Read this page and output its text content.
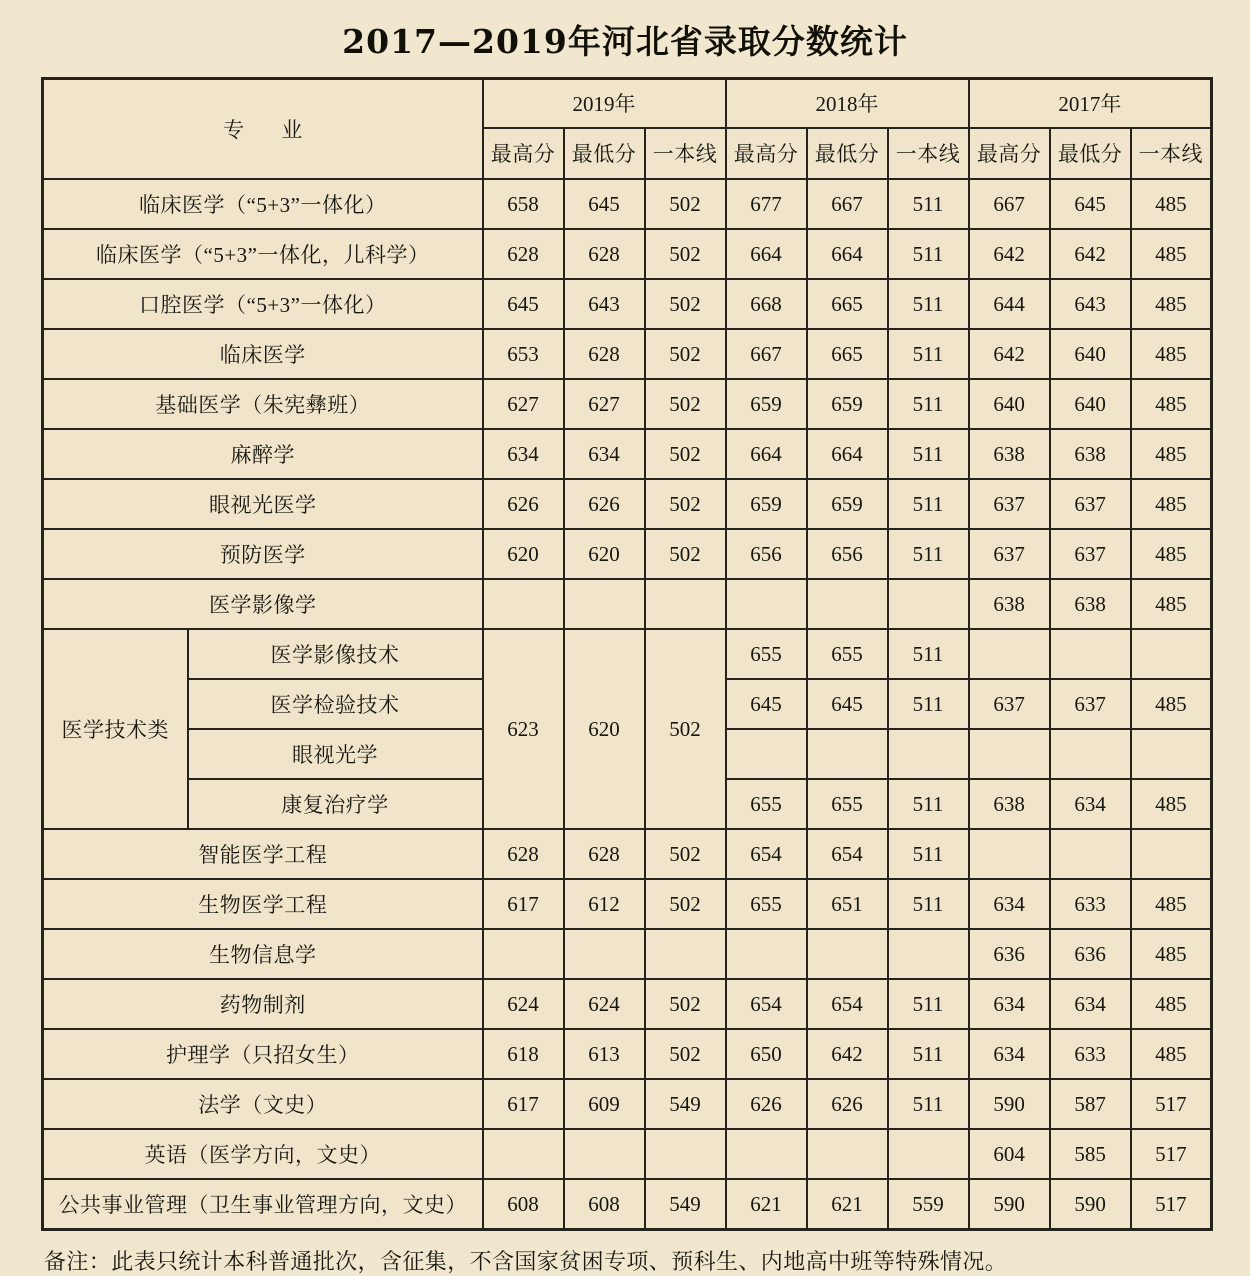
2017—2019年河北省录取分数统计
专 业		2019年			2018年			2017年		
		最高分	最低分	一本线	最高分	最低分	一本线	最高分	最低分	一本线
临床医学（“5+3”一体化）		658	645	502	677	667	511	667	645	485
临床医学（“5+3”一体化，儿科学）		628	628	502	664	664	511	642	642	485
口腔医学（“5+3”一体化）		645	643	502	668	665	511	644	643	485
临床医学		653	628	502	667	665	511	642	640	485
基础医学（朱宪彝班）		627	627	502	659	659	511	640	640	485
麻醉学		634	634	502	664	664	511	638	638	485
眼视光医学		626	626	502	659	659	511	637	637	485
预防医学		620	620	502	656	656	511	637	637	485
医学影像学								638	638	485
医学技术类	医学影像技术	623	620	502	655	655	511			
	医学检验技术				645	645	511	637	637	485
	眼视光学									
	康复治疗学				655	655	511	638	634	485
智能医学工程		628	628	502	654	654	511			
生物医学工程		617	612	502	655	651	511	634	633	485
生物信息学								636	636	485
药物制剂		624	624	502	654	654	511	634	634	485
护理学（只招女生）		618	613	502	650	642	511	634	633	485
法学（文史）		617	609	549	626	626	511	590	587	517
英语（医学方向，文史）								604	585	517
公共事业管理（卫生事业管理方向，文史）		608	608	549	621	621	559	590	590	517
备注：此表只统计本科普通批次，含征集，不含国家贫困专项、预科生、内地高中班等特殊情况。
